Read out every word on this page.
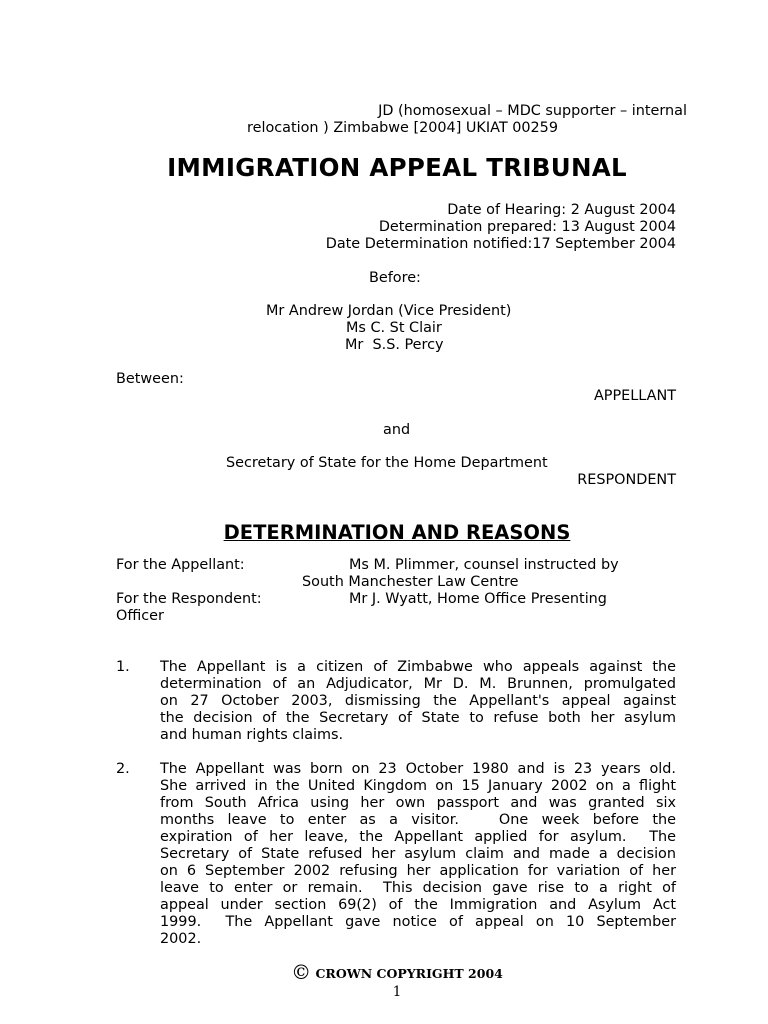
JD (homosexual – MDC supporter – internal
relocation ) Zimbabwe [2004] UKIAT 00259
IMMIGRATION APPEAL TRIBUNAL
Date of Hearing: 2 August 2004
Determination prepared: 13 August 2004
Date Determination notified:17 September 2004
Before:
Mr Andrew Jordan (Vice President)
Ms C. St Clair
Mr  S.S. Percy
Between:
APPELLANT
and
Secretary of State for the Home Department
RESPONDENT
DETERMINATION AND REASONS
For the Appellant:	Ms M. Plimmer, counsel instructed by
South Manchester Law Centre
For the Respondent:	Mr J. Wyatt, Home Office Presenting
Officer
1. The Appellant is a citizen of Zimbabwe who appeals against the
determination of an Adjudicator, Mr D. M. Brunnen, promulgated
on 27 October 2003, dismissing the Appellant's appeal against
the decision of the Secretary of State to refuse both her asylum
and human rights claims.
2. The Appellant was born on 23 October 1980 and is 23 years old.
She arrived in the United Kingdom on 15 January 2002 on a flight
from South Africa using her own passport and was granted six
months leave to enter as a visitor.   One week before the
expiration of her leave, the Appellant applied for asylum.  The
Secretary of State refused her asylum claim and made a decision
on 6 September 2002 refusing her application for variation of her
leave to enter or remain.  This decision gave rise to a right of
appeal under section 69(2) of the Immigration and Asylum Act
1999.  The Appellant gave notice of appeal on 10 September
2002.
© CROWN COPYRIGHT 2004
1
